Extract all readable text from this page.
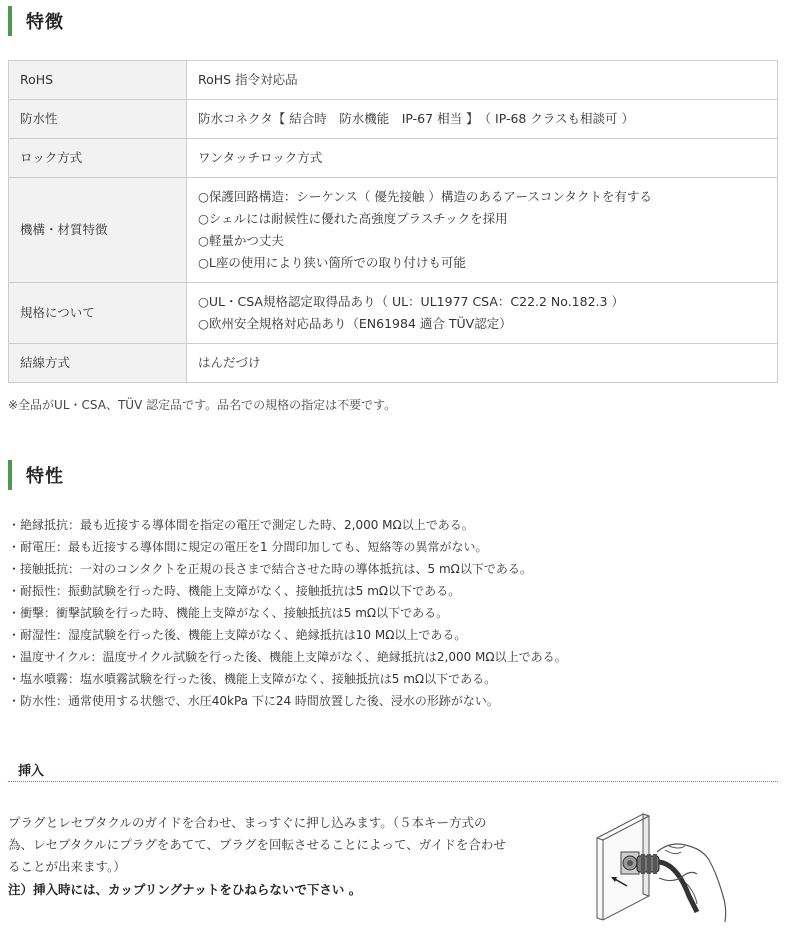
特徴
RoHS	RoHS 指令対応品

防水性	防水コネクタ【 結合時　防水機能　IP-67 相当 】　（ IP-68 クラスも相談可 ）

ロック方式	ワンタッチロック方式

機構・材質特徴	○保護回路構造：シーケンス（ 優先接触 ）構造のあるアースコンタクトを有する
○シェルには耐候性に優れた高強度プラスチックを採用
○軽量かつ丈夫
○L座の使用により狭い箇所での取り付けも可能

規格について	○UL・CSA規格認定取得品あり（ UL：UL1977 CSA：C22.2 No.182.3 ）
○欧州安全規格対応品あり（EN61984 適合 TÜV認定）

結線方式	はんだづけ
※全品がUL・CSA、TÜV 認定品です。品名での規格の指定は不要です。
特性
・絶縁抵抗：最も近接する導体間を指定の電圧で測定した時、2,000 MΩ以上である。
・耐電圧：最も近接する導体間に規定の電圧を1 分間印加しても、短絡等の異常がない。
・接触抵抗：一対のコンタクトを正規の長さまで結合させた時の導体抵抗は、5 mΩ以下である。
・耐振性：振動試験を行った時、機能上支障がなく、接触抵抗は5 mΩ以下である。
・衝撃：衝撃試験を行った時、機能上支障がなく、接触抵抗は5 mΩ以下である。
・耐湿性：湿度試験を行った後、機能上支障がなく、絶縁抵抗は10 MΩ以上である。
・温度サイクル：温度サイクル試験を行った後、機能上支障がなく、絶縁抵抗は2,000 MΩ以上である。
・塩水噴霧：塩水噴霧試験を行った後、機能上支障がなく、接触抵抗は5 mΩ以下である。
・防水性：通常使用する状態で、水圧40kPa 下に24 時間放置した後、浸水の形跡がない。
挿入

プラグとレセプタクルのガイドを合わせ、まっすぐに押し込みます。（５本キー方式の

為、レセプタクルにプラグをあてて、プラグを回転させることによって、ガイドを合わせ

ることが出来ます。）

注）挿入時には、カップリングナットをひねらないで下さい 。
